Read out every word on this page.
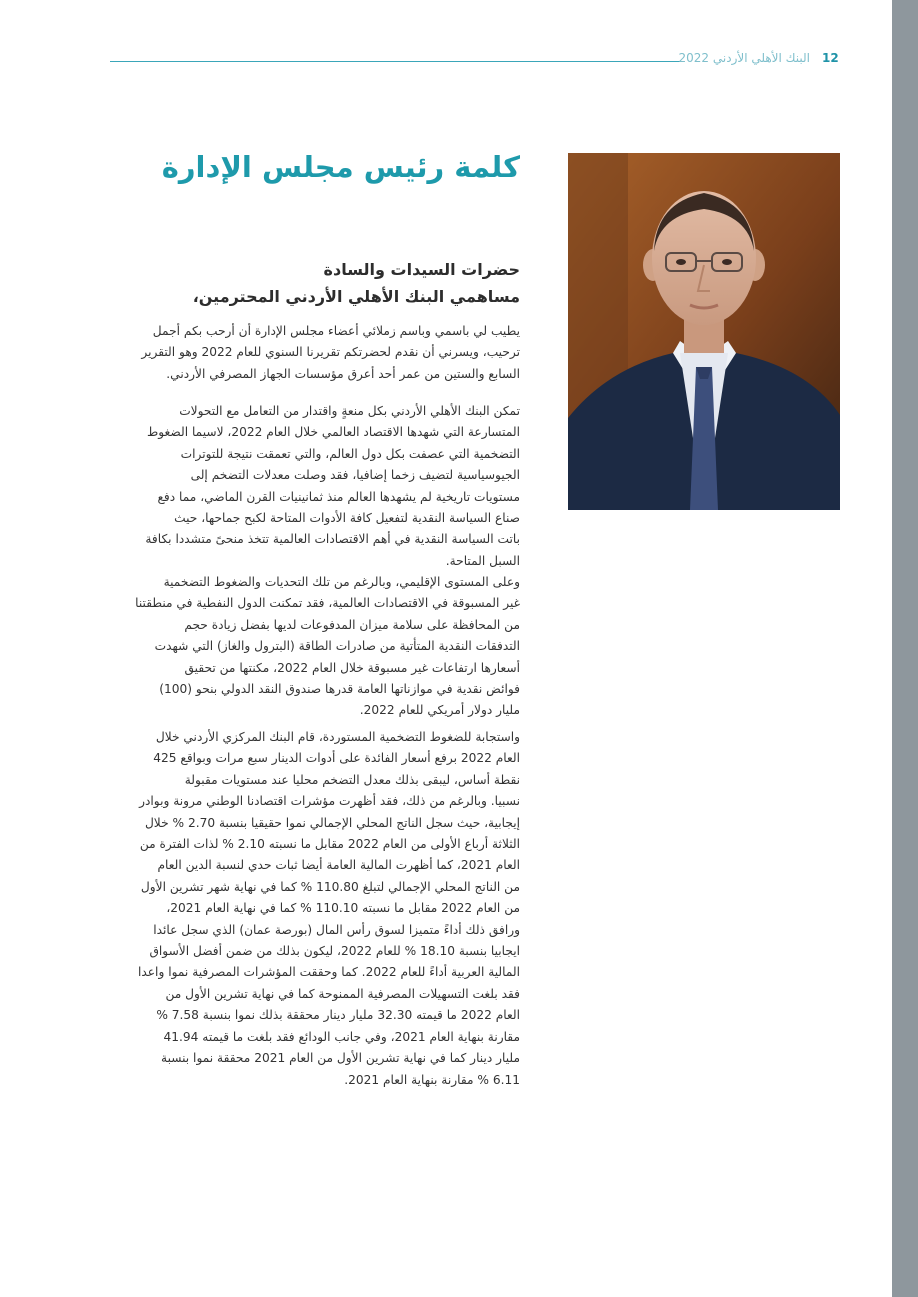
البنك الأهلي الأردني 2022 12
كلمة رئيس مجلس الإدارة
حضرات السيدات والسادة
مساهمي البنك الأهلي الأردني المحترمين،
يطيب لي باسمي وباسم زملائي أعضاء مجلس الإدارة أن أرحب بكم أجمل
ترحيب، ويسرني أن نقدم لحضرتكم تقريرنا السنوي للعام 2022 وهو التقرير
السابع والستين من عمر أحد أعرق مؤسسات الجهاز المصرفي الأردني.
تمكن البنك الأهلي الأردني بكل منعةٍ واقتدار من التعامل مع التحولات
المتسارعة التي شهدها الاقتصاد العالمي خلال العام 2022، لاسيما الضغوط
التضخمية التي عصفت بكل دول العالم، والتي تعمقت نتيجة للتوترات
الجيوسياسية لتضيف زخما إضافيا، فقد وصلت معدلات التضخم إلى
مستويات تاريخية لم يشهدها العالم منذ ثمانينيات القرن الماضي، مما دفع
صناع السياسة النقدية لتفعيل كافة الأدوات المتاحة لكبح جماحها، حيث
باتت السياسة النقدية في أهم الاقتصادات العالمية تتخذ منحىً متشددا بكافة
السبل المتاحة.
وعلى المستوى الإقليمي، وبالرغم من تلك التحديات والضغوط التضخمية
غير المسبوقة في الاقتصادات العالمية، فقد تمكنت الدول النفطية في منطقتنا
من المحافظة على سلامة ميزان المدفوعات لديها بفضل زيادة حجم
التدفقات النقدية المتأتية من صادرات الطاقة (البترول والغاز) التي شهدت
أسعارها ارتفاعات غير مسبوقة خلال العام 2022، مكنتها من تحقيق
فوائض نقدية في موازناتها العامة قدرها صندوق النقد الدولي بنحو (100)
مليار دولار أمريكي للعام 2022.
واستجابة للضغوط التضخمية المستوردة، قام البنك المركزي الأردني خلال
العام 2022 برفع أسعار الفائدة على أدوات الدينار سبع مرات وبواقع 425
نقطة أساس، ليبقى بذلك معدل التضخم محليا عند مستويات مقبولة
نسبيا. وبالرغم من ذلك، فقد أظهرت مؤشرات اقتصادنا الوطني مرونة وبوادر
إيجابية، حيث سجل الناتج المحلي الإجمالي نموا حقيقيا بنسبة 2.70 % خلال
الثلاثة أرباع الأولى من العام 2022 مقابل ما نسبته 2.10 % لذات الفترة من
العام 2021، كما أظهرت المالية العامة أيضا ثبات حدي لنسبة الدين العام
من الناتج المحلي الإجمالي لتبلغ 110.80 % كما في نهاية شهر تشرين الأول
من العام 2022 مقابل ما نسبته 110.10 % كما في نهاية العام 2021،
ورافق ذلك أداءً متميزا لسوق رأس المال (بورصة عمان) الذي سجل عائدا
ايجابيا بنسبة 18.10 % للعام 2022، ليكون بذلك من ضمن أفضل الأسواق
المالية العربية أداءً للعام 2022. كما وحققت المؤشرات المصرفية نموا واعدا
فقد بلغت التسهيلات المصرفية الممنوحة كما في نهاية تشرين الأول من
العام 2022 ما قيمته 32.30 مليار دينار محققة بذلك نموا بنسبة 7.58 %
مقارنة بنهاية العام 2021، وفي جانب الودائع فقد بلغت ما قيمته 41.94
مليار دينار كما في نهاية تشرين الأول من العام 2021 محققة نموا بنسبة
6.11 % مقارنة بنهاية العام 2021.
